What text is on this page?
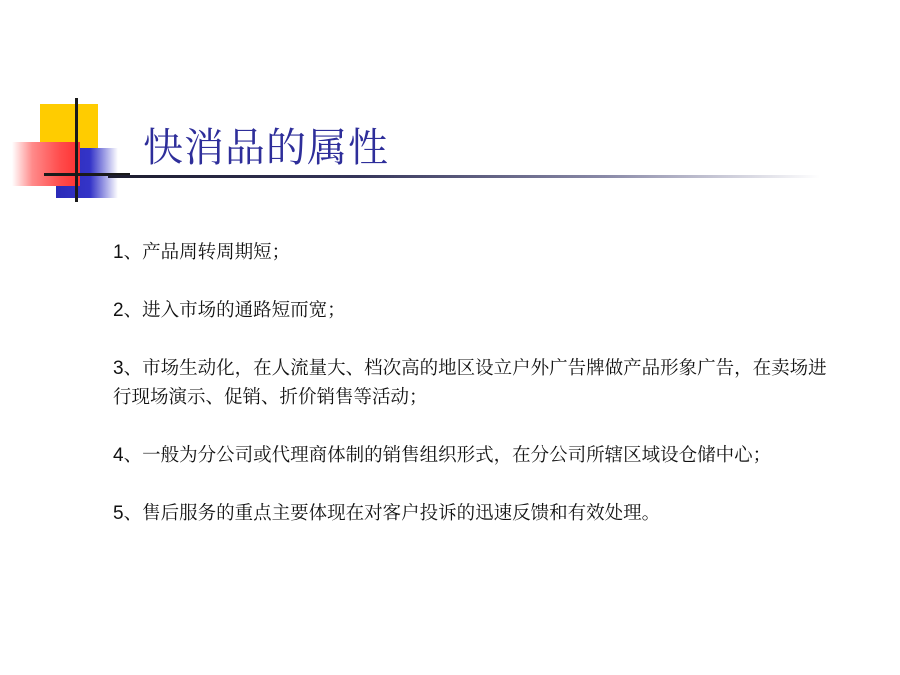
快消品的属性
1、产品周转周期短；
2、进入市场的通路短而宽；
3、市场生动化，在人流量大、档次高的地区设立户外广告牌做产品形象广告，在卖场进行现场演示、促销、折价销售等活动；
4、一般为分公司或代理商体制的销售组织形式，在分公司所辖区域设仓储中心；
5、售后服务的重点主要体现在对客户投诉的迅速反馈和有效处理。
